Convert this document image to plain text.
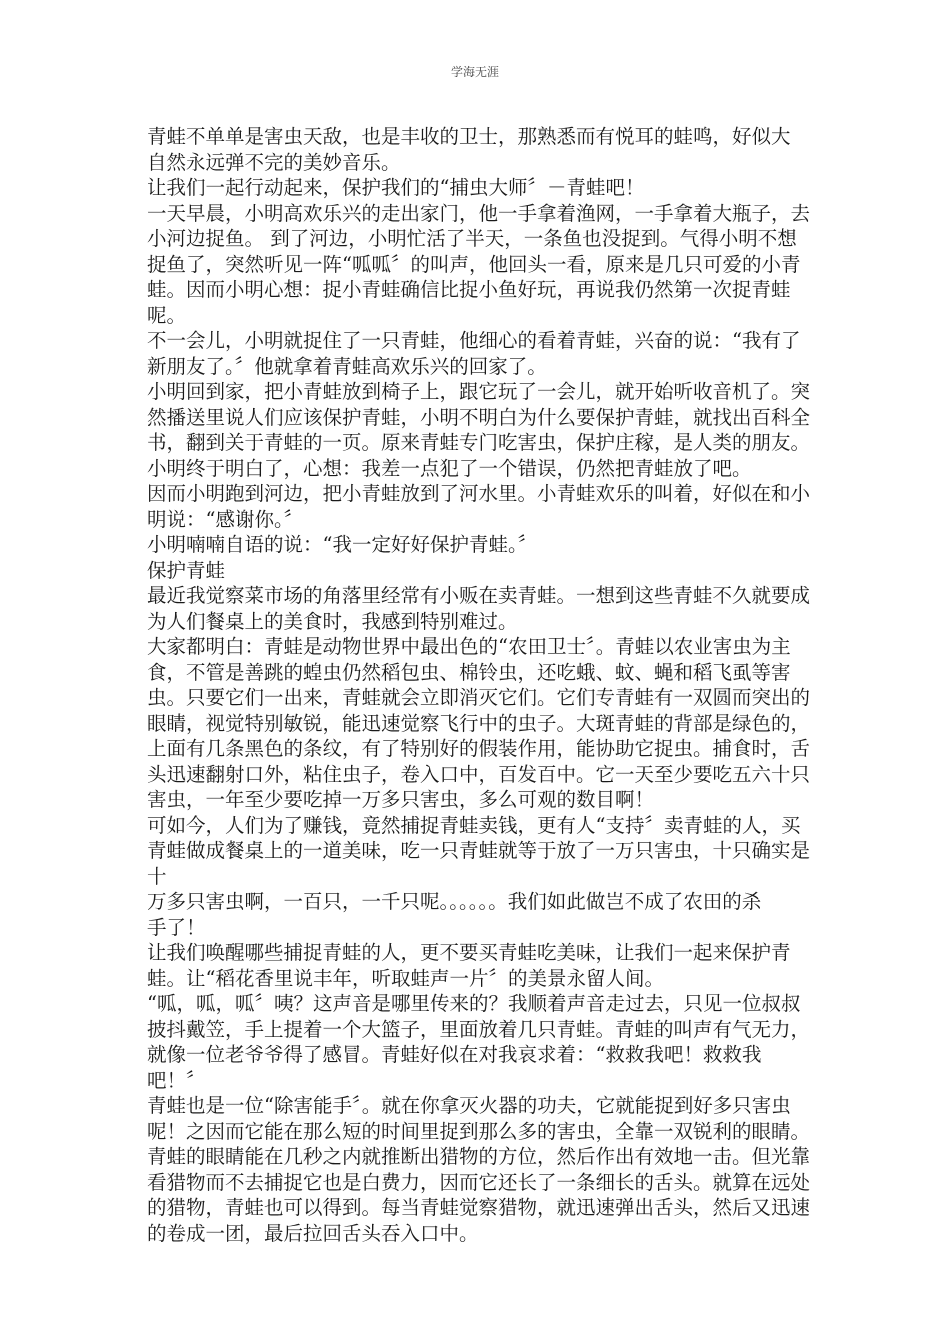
学海无涯
青蛙不单单是害虫天敌，也是丰收的卫士，那熟悉而有悦耳的蛙鸣，好似大
自然永远弹不完的美妙音乐。
让我们一起行动起来，保护我们的“捕虫大师〞－青蛙吧！
一天早晨，小明高欢乐兴的走出家门，他一手拿着渔网，一手拿着大瓶子，去
小河边捉鱼。 到了河边，小明忙活了半天，一条鱼也没捉到。气得小明不想
捉鱼了，突然听见一阵“呱呱〞的叫声，他回头一看，原来是几只可爱的小青
蛙。因而小明心想：捉小青蛙确信比捉小鱼好玩，再说我仍然第一次捉青蛙
呢。
不一会儿，小明就捉住了一只青蛙，他细心的看着青蛙，兴奋的说：“我有了
新朋友了。〞他就拿着青蛙高欢乐兴的回家了。
小明回到家，把小青蛙放到椅子上，跟它玩了一会儿，就开始听收音机了。突
然播送里说人们应该保护青蛙，小明不明白为什么要保护青蛙，就找出百科全
书，翻到关于青蛙的一页。原来青蛙专门吃害虫，保护庄稼，是人类的朋友。
小明终于明白了，心想：我差一点犯了一个错误，仍然把青蛙放了吧。
因而小明跑到河边，把小青蛙放到了河水里。小青蛙欢乐的叫着，好似在和小
明说：“感谢你。〞
小明喃喃自语的说：“我一定好好保护青蛙。〞
保护青蛙
最近我觉察菜市场的角落里经常有小贩在卖青蛙。一想到这些青蛙不久就要成
为人们餐桌上的美食时，我感到特别难过。
大家都明白：青蛙是动物世界中最出色的“农田卫士〞。青蛙以农业害虫为主
食，不管是善跳的蝗虫仍然稻包虫、棉铃虫，还吃蛾、蚊、蝇和稻飞虱等害
虫。只要它们一出来，青蛙就会立即消灭它们。它们专青蛙有一双圆而突出的
眼睛，视觉特别敏锐，能迅速觉察飞行中的虫子。大斑青蛙的背部是绿色的，
上面有几条黑色的条纹，有了特别好的假装作用，能协助它捉虫。捕食时，舌
头迅速翻射口外，粘住虫子，卷入口中，百发百中。它一天至少要吃五六十只
害虫，一年至少要吃掉一万多只害虫，多么可观的数目啊！
可如今，人们为了赚钱，竟然捕捉青蛙卖钱，更有人“支持〞卖青蛙的人，买
青蛙做成餐桌上的一道美味，吃一只青蛙就等于放了一万只害虫，十只确实是
十
万多只害虫啊，一百只，一千只呢。。。。。。我们如此做岂不成了农田的杀
手了！
让我们唤醒哪些捕捉青蛙的人，更不要买青蛙吃美味，让我们一起来保护青
蛙。让“稻花香里说丰年，听取蛙声一片〞的美景永留人间。
“呱，呱，呱〞咦？这声音是哪里传来的？我顺着声音走过去，只见一位叔叔
披抖戴笠，手上提着一个大篮子，里面放着几只青蛙。青蛙的叫声有气无力，
就像一位老爷爷得了感冒。青蛙好似在对我哀求着：“救救我吧！救救我
吧！〞
青蛙也是一位“除害能手〞。就在你拿灭火器的功夫，它就能捉到好多只害虫
呢！之因而它能在那么短的时间里捉到那么多的害虫，全靠一双锐利的眼睛。
青蛙的眼睛能在几秒之内就推断出猎物的方位，然后作出有效地一击。但光靠
看猎物而不去捕捉它也是白费力，因而它还长了一条细长的舌头。就算在远处
的猎物，青蛙也可以得到。每当青蛙觉察猎物，就迅速弹出舌头，然后又迅速
的卷成一团，最后拉回舌头吞入口中。
